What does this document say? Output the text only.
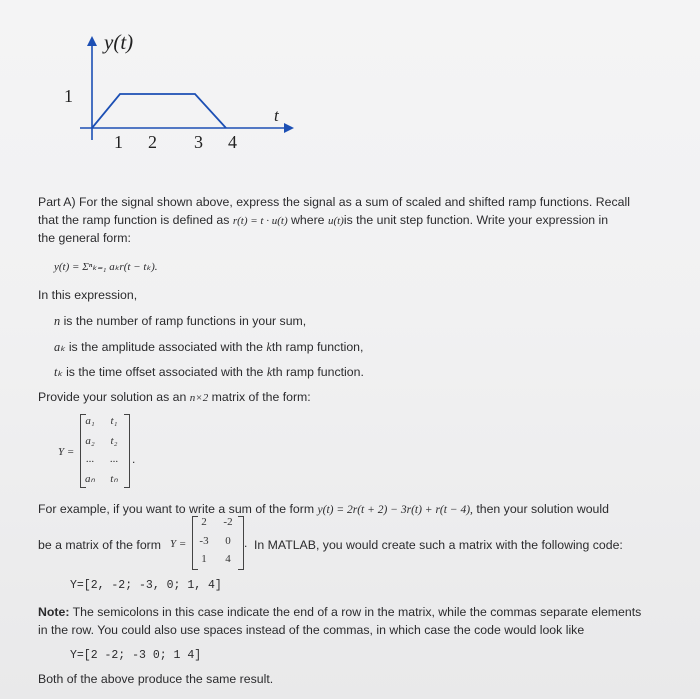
y(t)
t
1
1 2 3 4
Part A) For the signal shown above, express the signal as a sum of scaled and shifted ramp functions. Recall
that the ramp function is defined as r(t) = t · u(t) where u(t)is the unit step function. Write your expression in
the general form:
y(t) = Σⁿₖ₌₁ aₖr(t − tₖ).
In this expression,
n is the number of ramp functions in your sum,
aₖ is the amplitude associated with the kth ramp function,
tₖ is the time offset associated with the kth ramp function.
Provide your solution as an n×2 matrix of the form:
Y =
a₁	t₁
a₂	t₂
...	...
aₙ	tₙ
.
For example, if you want to write a sum of the form y(t) = 2r(t + 2) − 3r(t) + r(t − 4), then your solution would
be a matrix of the form Y =
2	-2
-3	0
1	4
. In MATLAB, you would create such a matrix with the following code:
Y=[2, -2; -3, 0; 1, 4]
Note: The semicolons in this case indicate the end of a row in the matrix, while the commas separate elements
in the row. You could also use spaces instead of the commas, in which case the code would look like
Y=[2 -2; -3 0; 1 4]
Both of the above produce the same result.
